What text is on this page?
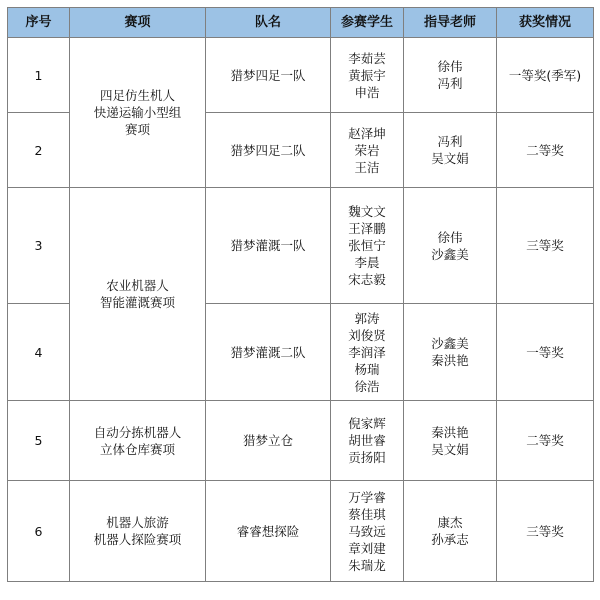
序号	赛项	队名	参赛学生	指导老师	获奖情况
1	四足仿生机人
快递运输小型组
赛项	猎梦四足一队	李茹芸
黄振宇
申浩	徐伟
冯利	一等奖(季军)
2		猎梦四足二队	赵泽坤
荣岩
王洁	冯利
吴文娟	二等奖
3	农业机器人
智能灌溉赛项	猎梦灌溉一队	魏文文
王泽鹏
张恒宁
李晨
宋志毅	徐伟
沙鑫美	三等奖
4		猎梦灌溉二队	郭涛
刘俊贤
李润泽
杨瑞
徐浩	沙鑫美
秦洪艳	一等奖
5	自动分拣机器人
立体仓库赛项	猎梦立仓	倪家辉
胡世睿
贡扬阳	秦洪艳
吴文娟	二等奖
6	机器人旅游
机器人探险赛项	睿睿想探险	万学睿
蔡佳琪
马致远
章刘建
朱瑞龙	康杰
孙承志	三等奖
